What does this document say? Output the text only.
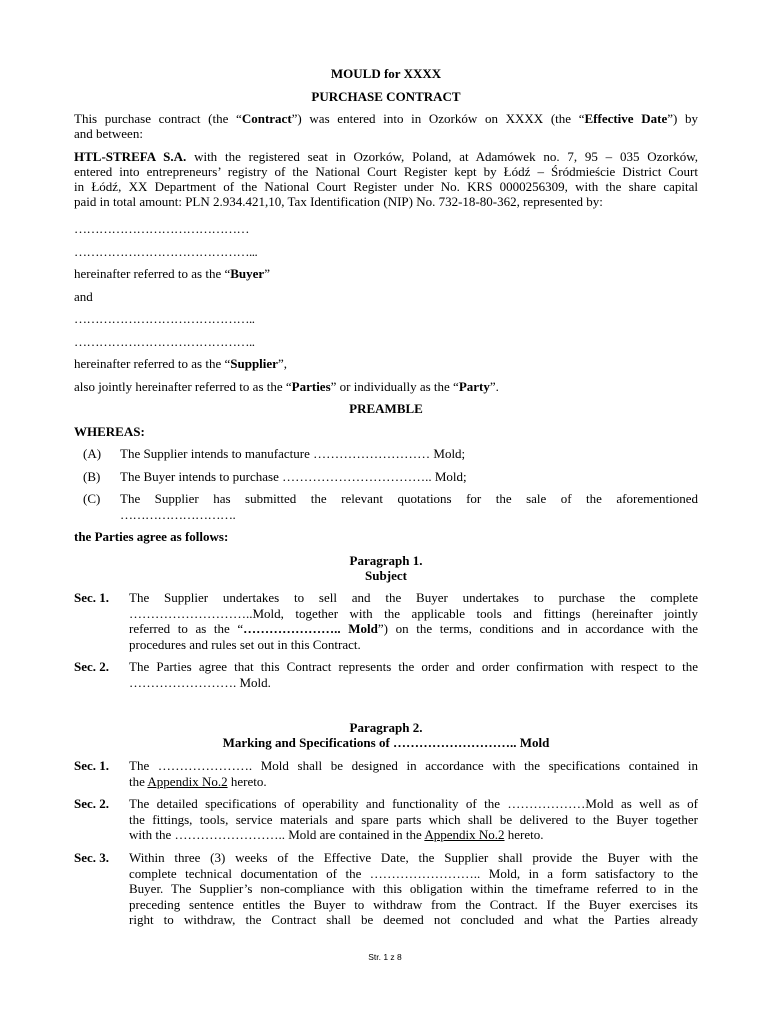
MOULD for XXXX
PURCHASE CONTRACT
This purchase contract (the “Contract”) was entered into in Ozorków on XXXX (the “Effective Date”) by
and between:
HTL-STREFA S.A. with the registered seat in Ozorków, Poland, at Adamówek no. 7, 95 – 035 Ozorków,
entered into entrepreneurs’ registry of the National Court Register kept by Łódź – Śródmieście District Court
in Łódź, XX Department of the National Court Register under No. KRS 0000256309, with the share capital
paid in total amount: PLN 2.934.421,10, Tax Identification (NIP) No. 732-18-80-362, represented by:
……………………………………
……………………………………...
hereinafter referred to as the “Buyer”
and
……………………………………..
……………………………………..
hereinafter referred to as the “Supplier”,
also jointly hereinafter referred to as the “Parties” or individually as the “Party”.
PREAMBLE
WHEREAS:
(A) The Supplier intends to manufacture ……………………… Mold;

(B) The Buyer intends to purchase …………………………….. Mold;

(C) The Supplier has submitted the relevant quotations for the sale of the aforementioned

……………………….

the Parties agree as follows:
Paragraph 1.
Subject
Sec. 1. The Supplier undertakes to sell and the Buyer undertakes to purchase the complete

………………………..Mold, together with the applicable tools and fittings (hereinafter jointly

referred to as the “………………….. Mold”) on the terms, conditions and in accordance with the

procedures and rules set out in this Contract.

Sec. 2. The Parties agree that this Contract represents the order and order confirmation with respect to the

……………………. Mold.

Paragraph 2.
Marking and Specifications of ……………………….. Mold
Sec. 1. The …………………. Mold shall be designed in accordance with the specifications contained in

the Appendix No.2 hereto.

Sec. 2. The detailed specifications of operability and functionality of the ………………Mold as well as of

the fittings, tools, service materials and spare parts which shall be delivered to the Buyer together

with the …………………….. Mold are contained in the Appendix No.2 hereto.

Sec. 3. Within three (3) weeks of the Effective Date, the Supplier shall provide the Buyer with the

complete technical documentation of the …………………….. Mold, in a form satisfactory to the

Buyer. The Supplier’s non-compliance with this obligation within the timeframe referred to in the

preceding sentence entitles the Buyer to withdraw from the Contract. If the Buyer exercises its

right to withdraw, the Contract shall be deemed not concluded and what the Parties already

Str. 1 z 8
